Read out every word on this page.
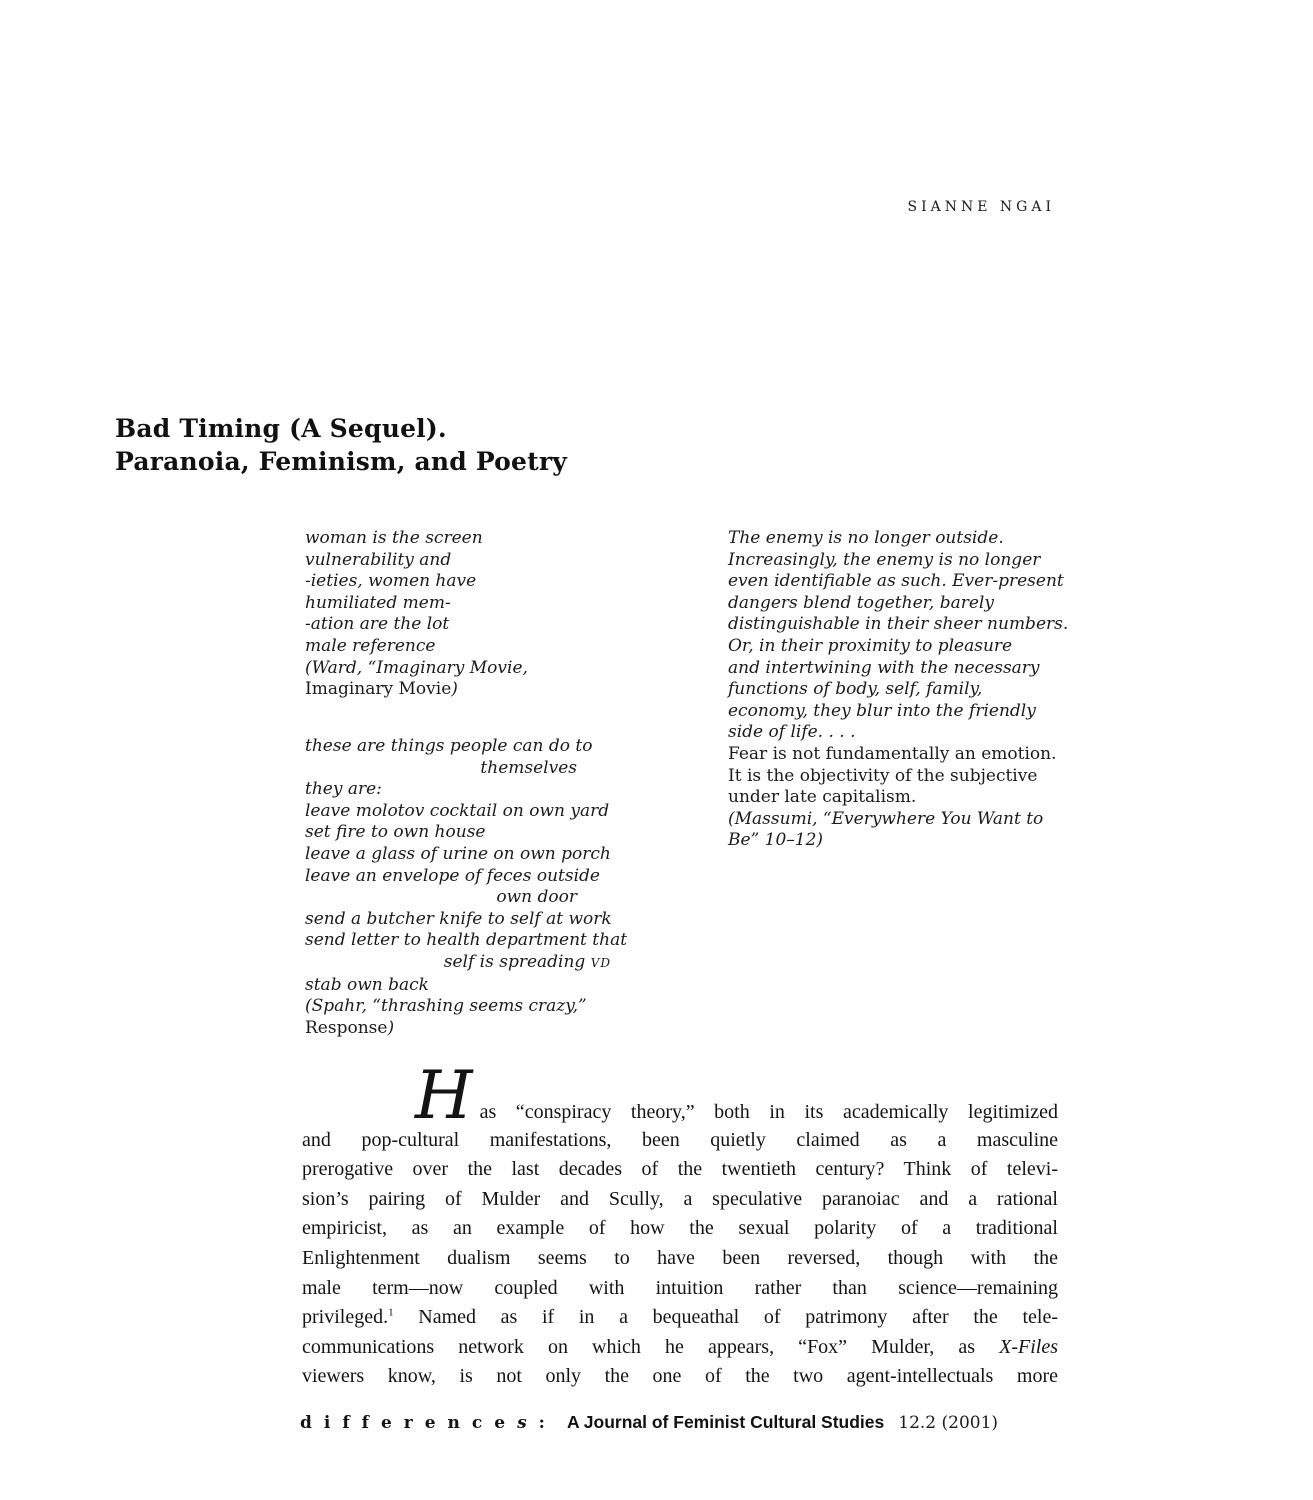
SIANNE NGAI
Bad Timing (A Sequel).
Paranoia, Feminism, and Poetry
woman is the screen
vulnerability and
-ieties, women have
humiliated mem-
-ation are the lot
male reference
(Ward, “Imaginary Movie,
Imaginary Movie)
these are things people can do to
themselves
they are:
leave molotov cocktail on own yard
set fire to own house
leave a glass of urine on own porch
leave an envelope of feces outside
own door
send a butcher knife to self at work
send letter to health department that
self is spreading VD
stab own back
(Spahr, “thrashing seems crazy,”
Response)
The enemy is no longer outside.
Increasingly, the enemy is no longer
even identifiable as such. Ever-present
dangers blend together, barely
distinguishable in their sheer numbers.
Or, in their proximity to pleasure
and intertwining with the necessary
functions of body, self, family,
economy, they blur into the friendly
side of life. . . .
Fear is not fundamentally an emotion.
It is the objectivity of the subjective
under late capitalism.
(Massumi, “Everywhere You Want to
Be” 10–12)
Has “conspiracy theory,” both in its academically legitimized
and pop-cultural manifestations, been quietly claimed as a masculine
prerogative over the last decades of the twentieth century? Think of televi-
sion’s pairing of Mulder and Scully, a speculative paranoiac and a rational
empiricist, as an example of how the sexual polarity of a traditional
Enlightenment dualism seems to have been reversed, though with the
male term—now coupled with intuition rather than science—remaining
privileged.$^1$ Named as if in a bequeathal of patrimony after the tele-
communications network on which he appears, “Fox” Mulder, as X-Files
viewers know, is not only the one of the two agent-intellectuals more
differences: A Journal of Feminist Cultural Studies 12.2 (2001)
